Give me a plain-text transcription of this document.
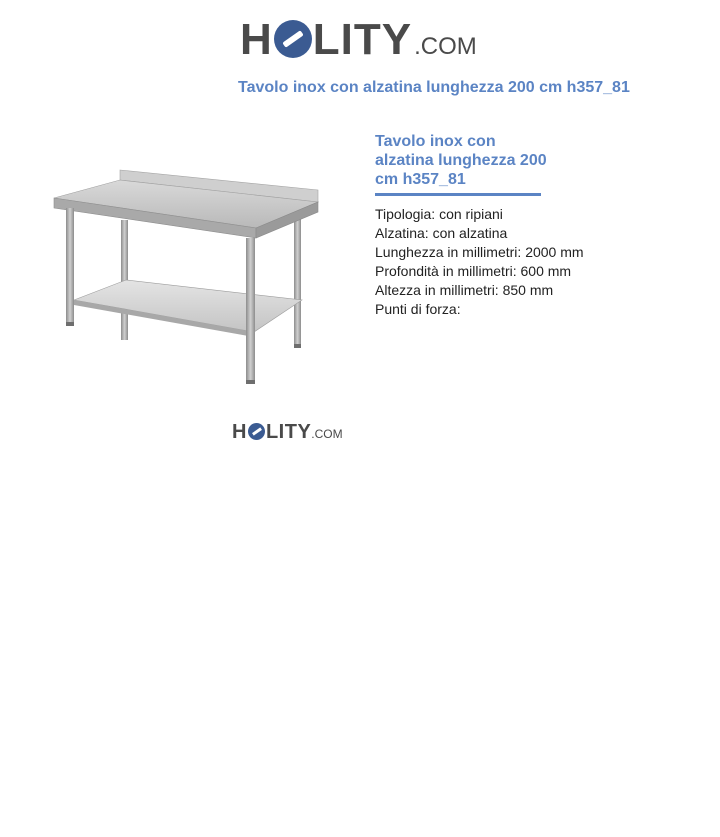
H LITY .COM
Tavolo inox con alzatina lunghezza 200 cm h357_81
H LITY .COM
Tavolo inox con
alzatina lunghezza 200
cm h357_81
Tipologia: con ripiani
Alzatina: con alzatina
Lunghezza in millimetri: 2000 mm
Profondità in millimetri: 600 mm
Altezza in millimetri: 850 mm
Punti di forza:
